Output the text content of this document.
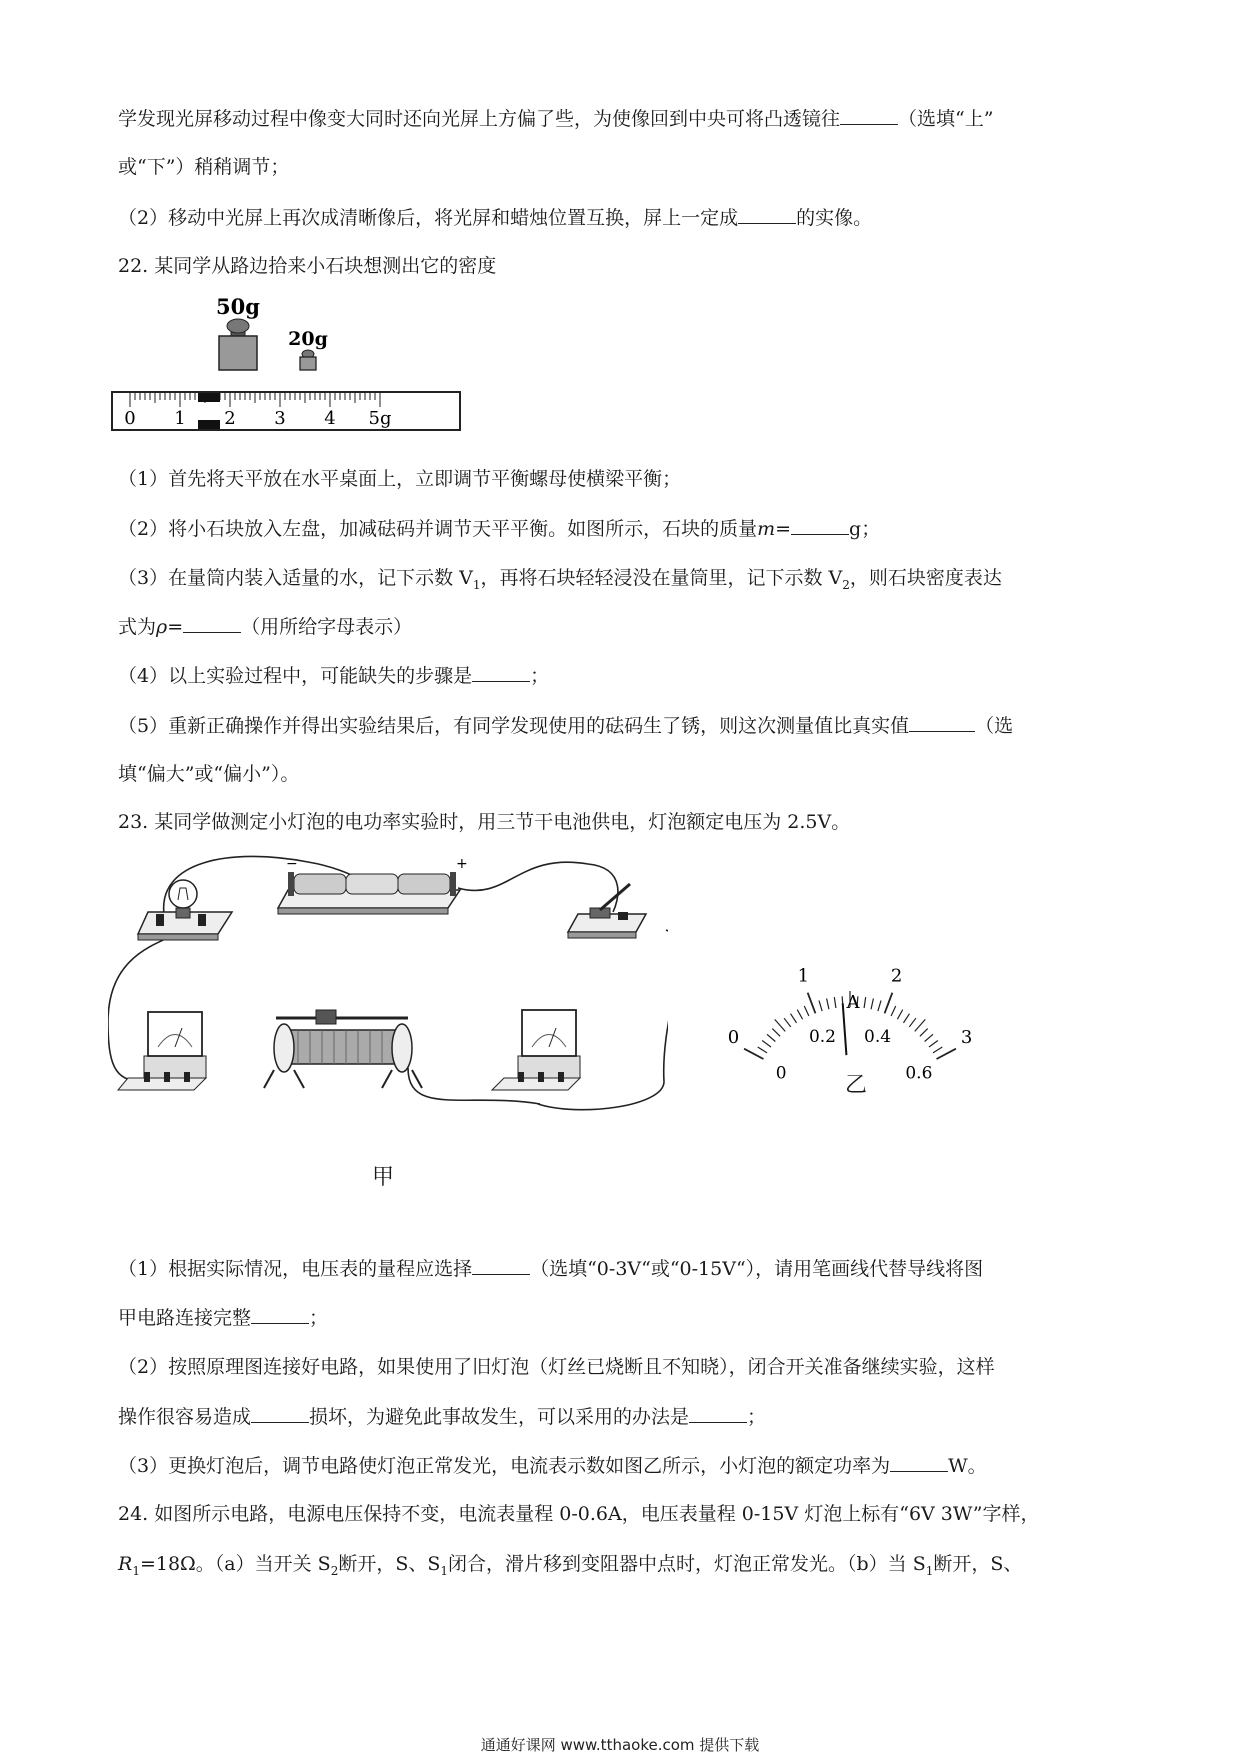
学发现光屏移动过程中像变大同时还向光屏上方偏了些，为使像回到中央可将凸透镜往	（选填“上”
或“下”）稍稍调节；
（2）移动中光屏上再次成清晰像后，将光屏和蜡烛位置互换，屏上一定成	的实像。
22. 某同学从路边拾来小石块想测出它的密度
50g
20g
0 1 2 3 4 5g
（1）首先将天平放在水平桌面上，立即调节平衡螺母使横梁平衡；
（2）将小石块放入左盘，加减砝码并调节天平平衡。如图所示，石块的质量m=	g；
（3）在量筒内装入适量的水，记下示数 $V_1$，再将石块轻轻浸没在量筒里，记下示数 $V_2$，则石块密度表达
式为ρ=	（用所给字母表示）
（4）以上实验过程中，可能缺失的步骤是	；
（5）重新正确操作并得出实验结果后，有同学发现使用的砝码生了锈，则这次测量值比真实值	（选
填“偏大”或“偏小”）。
23. 某同学做测定小灯泡的电功率实验时，用三节干电池供电，灯泡额定电压为 2.5V。
−	+
甲
0
1	2
3
0
0.2 0.4
0.6
A
乙
（1）根据实际情况，电压表的量程应选择	（选填“0-3V“或“0-15V“），请用笔画线代替导线将图
甲电路连接完整	；
（2）按照原理图连接好电路，如果使用了旧灯泡（灯丝已烧断且不知晓），闭合开关准备继续实验，这样
操作很容易造成	损坏，为避免此事故发生，可以采用的办法是	；
（3）更换灯泡后，调节电路使灯泡正常发光，电流表示数如图乙所示，小灯泡的额定功率为	W。
24. 如图所示电路，电源电压保持不变，电流表量程 0-0.6A，电压表量程 0-15V 灯泡上标有“6V 3W”字样，
$R_1=18\Omega$。（a）当开关 $S_2$断开，S、$S_1$闭合，滑片移到变阻器中点时，灯泡正常发光。（b）当 $S_1$断开，S、
通通好课网 www.tthaoke.com 提供下载
